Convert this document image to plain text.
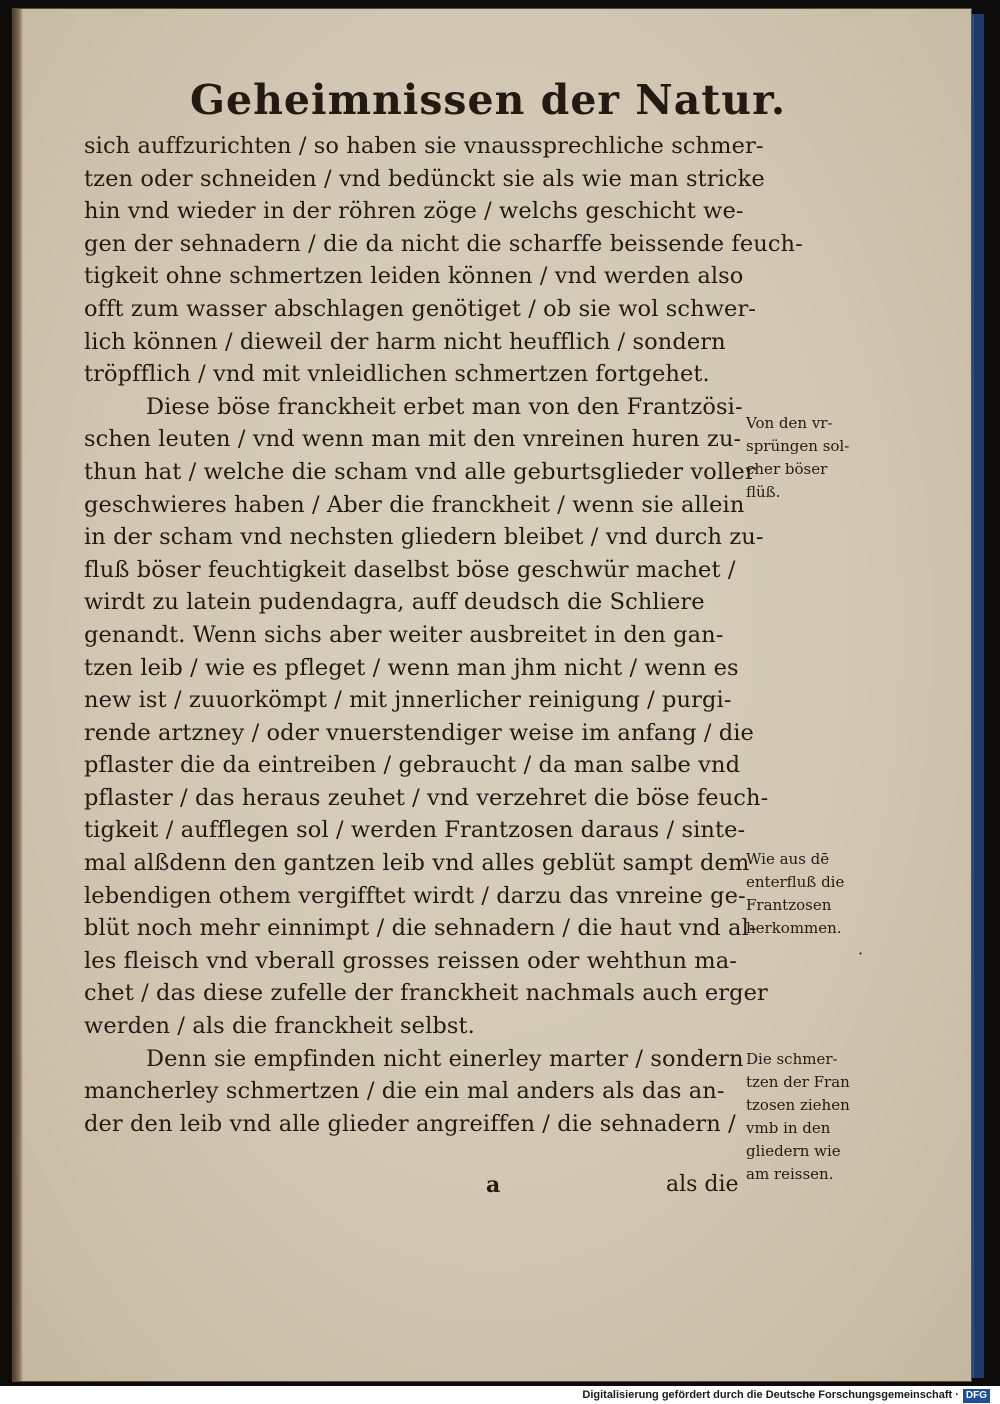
Geheimnissen der Natur.
sich auffzurichten / so haben sie vnaussprechliche schmer-
tzen oder schneiden / vnd bedünckt sie als wie man stricke
hin vnd wieder in der röhren zöge / welchs geschicht we-
gen der sehnadern / die da nicht die scharffe beissende feuch-
tigkeit ohne schmertzen leiden können / vnd werden also
offt zum wasser abschlagen genötiget / ob sie wol schwer-
lich können / dieweil der harm nicht heufflich / sondern
tröpfflich / vnd mit vnleidlichen schmertzen fortgehet.
Diese böse franckheit erbet man von den Frantzösi-
schen leuten / vnd wenn man mit den vnreinen huren zu-
thun hat / welche die scham vnd alle geburtsglieder voller
geschwieres haben / Aber die franckheit / wenn sie allein
in der scham vnd nechsten gliedern bleibet / vnd durch zu-
fluß böser feuchtigkeit daselbst böse geschwür machet /
wirdt zu latein pudendagra, auff deudsch die Schliere
genandt. Wenn sichs aber weiter ausbreitet in den gan-
tzen leib / wie es pfleget / wenn man jhm nicht / wenn es
new ist / zuuorkömpt / mit jnnerlicher reinigung / purgi-
rende artzney / oder vnuerstendiger weise im anfang / die
pflaster die da eintreiben / gebraucht / da man salbe vnd
pflaster / das heraus zeuhet / vnd verzehret die böse feuch-
tigkeit / aufflegen sol / werden Frantzosen daraus / sinte-
mal alßdenn den gantzen leib vnd alles geblüt sampt dem
lebendigen othem vergifftet wirdt / darzu das vnreine ge-
blüt noch mehr einnimpt / die sehnadern / die haut vnd al-
les fleisch vnd vberall grosses reissen oder wehthun ma-
chet / das diese zufelle der franckheit nachmals auch erger
werden / als die franckheit selbst.
Denn sie empfinden nicht einerley marter / sondern
mancherley schmertzen / die ein mal anders als das an-
der den leib vnd alle glieder angreiffen / die sehnadern /
Von den vr-
sprüngen sol-
cher böser
flüß.
Wie aus dē
enterfluß die
Frantzosen
herkommen.
Die schmer-
tzen der Fran
tzosen ziehen
vmb in den
gliedern wie
am reissen.
a	als die
·
Digitalisierung gefördert durch die Deutsche Forschungsgemeinschaft · DFG
